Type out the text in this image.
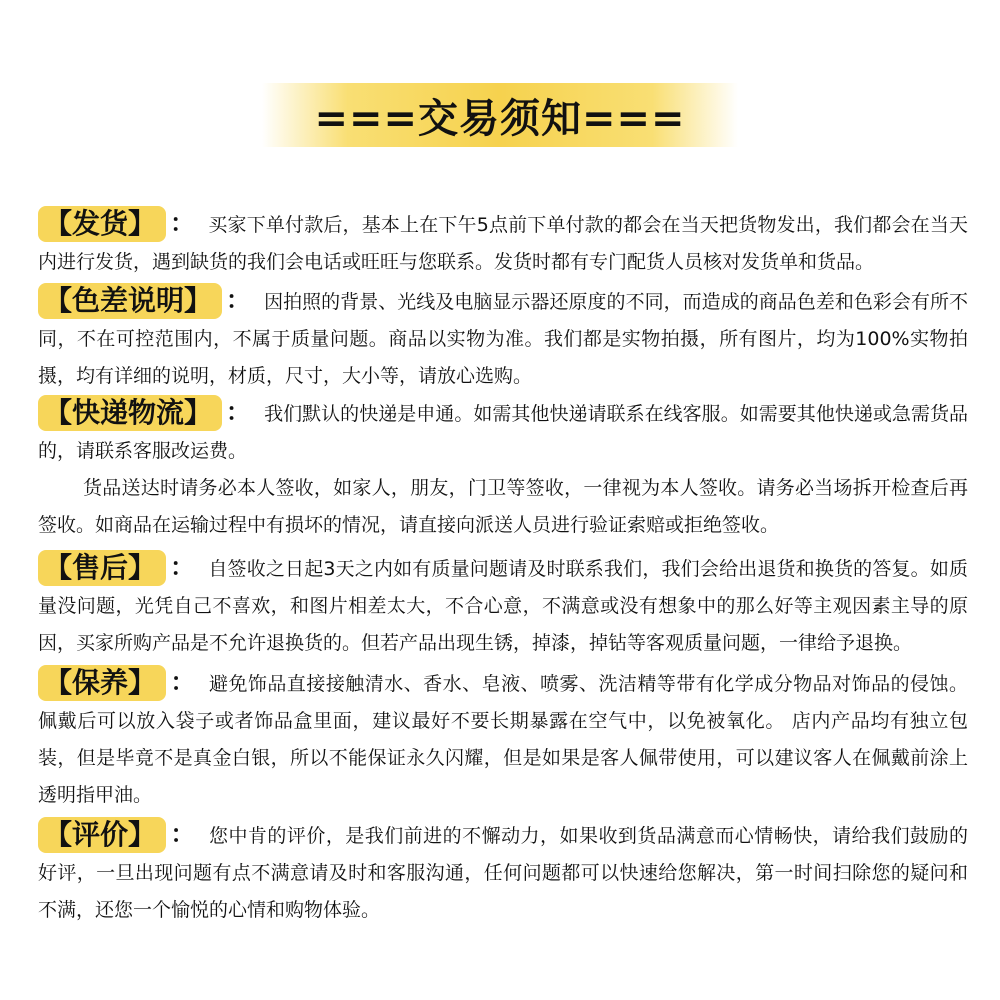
===交易须知===
【发货】 ： 买家下单付款后，基本上在下午5点前下单付款的都会在当天把货物发出，我们都会在当天内进行发货，遇到缺货的我们会电话或旺旺与您联系。发货时都有专门配货人员核对发货单和货品。
【色差说明】 ： 因拍照的背景、光线及电脑显示器还原度的不同，而造成的商品色差和色彩会有所不同，不在可控范围内，不属于质量问题。商品以实物为准。我们都是实物拍摄，所有图片，均为100%实物拍摄，均有详细的说明，材质，尺寸，大小等，请放心选购。
【快递物流】 ： 我们默认的快递是申通。如需其他快递请联系在线客服。如需要其他快递或急需货品的，请联系客服改运费。
货品送达时请务必本人签收，如家人，朋友，门卫等签收，一律视为本人签收。请务必当场拆开检查后再签收。如商品在运输过程中有损坏的情况，请直接向派送人员进行验证索赔或拒绝签收。
【售后】 ： 自签收之日起3天之内如有质量问题请及时联系我们，我们会给出退货和换货的答复。如质量没问题，光凭自己不喜欢，和图片相差太大，不合心意，不满意或没有想象中的那么好等主观因素主导的原因，买家所购产品是不允许退换货的。但若产品出现生锈，掉漆，掉钻等客观质量问题，一律给予退换。
【保养】 ： 避免饰品直接接触清水、香水、皂液、喷雾、洗洁精等带有化学成分物品对饰品的侵蚀。佩戴后可以放入袋子或者饰品盒里面，建议最好不要长期暴露在空气中，以免被氧化。 店内产品均有独立包装，但是毕竟不是真金白银，所以不能保证永久闪耀，但是如果是客人佩带使用，可以建议客人在佩戴前涂上透明指甲油。
【评价】 ： 您中肯的评价，是我们前进的不懈动力，如果收到货品满意而心情畅快，请给我们鼓励的好评，一旦出现问题有点不满意请及时和客服沟通，任何问题都可以快速给您解决，第一时间扫除您的疑问和不满，还您一个愉悦的心情和购物体验。
